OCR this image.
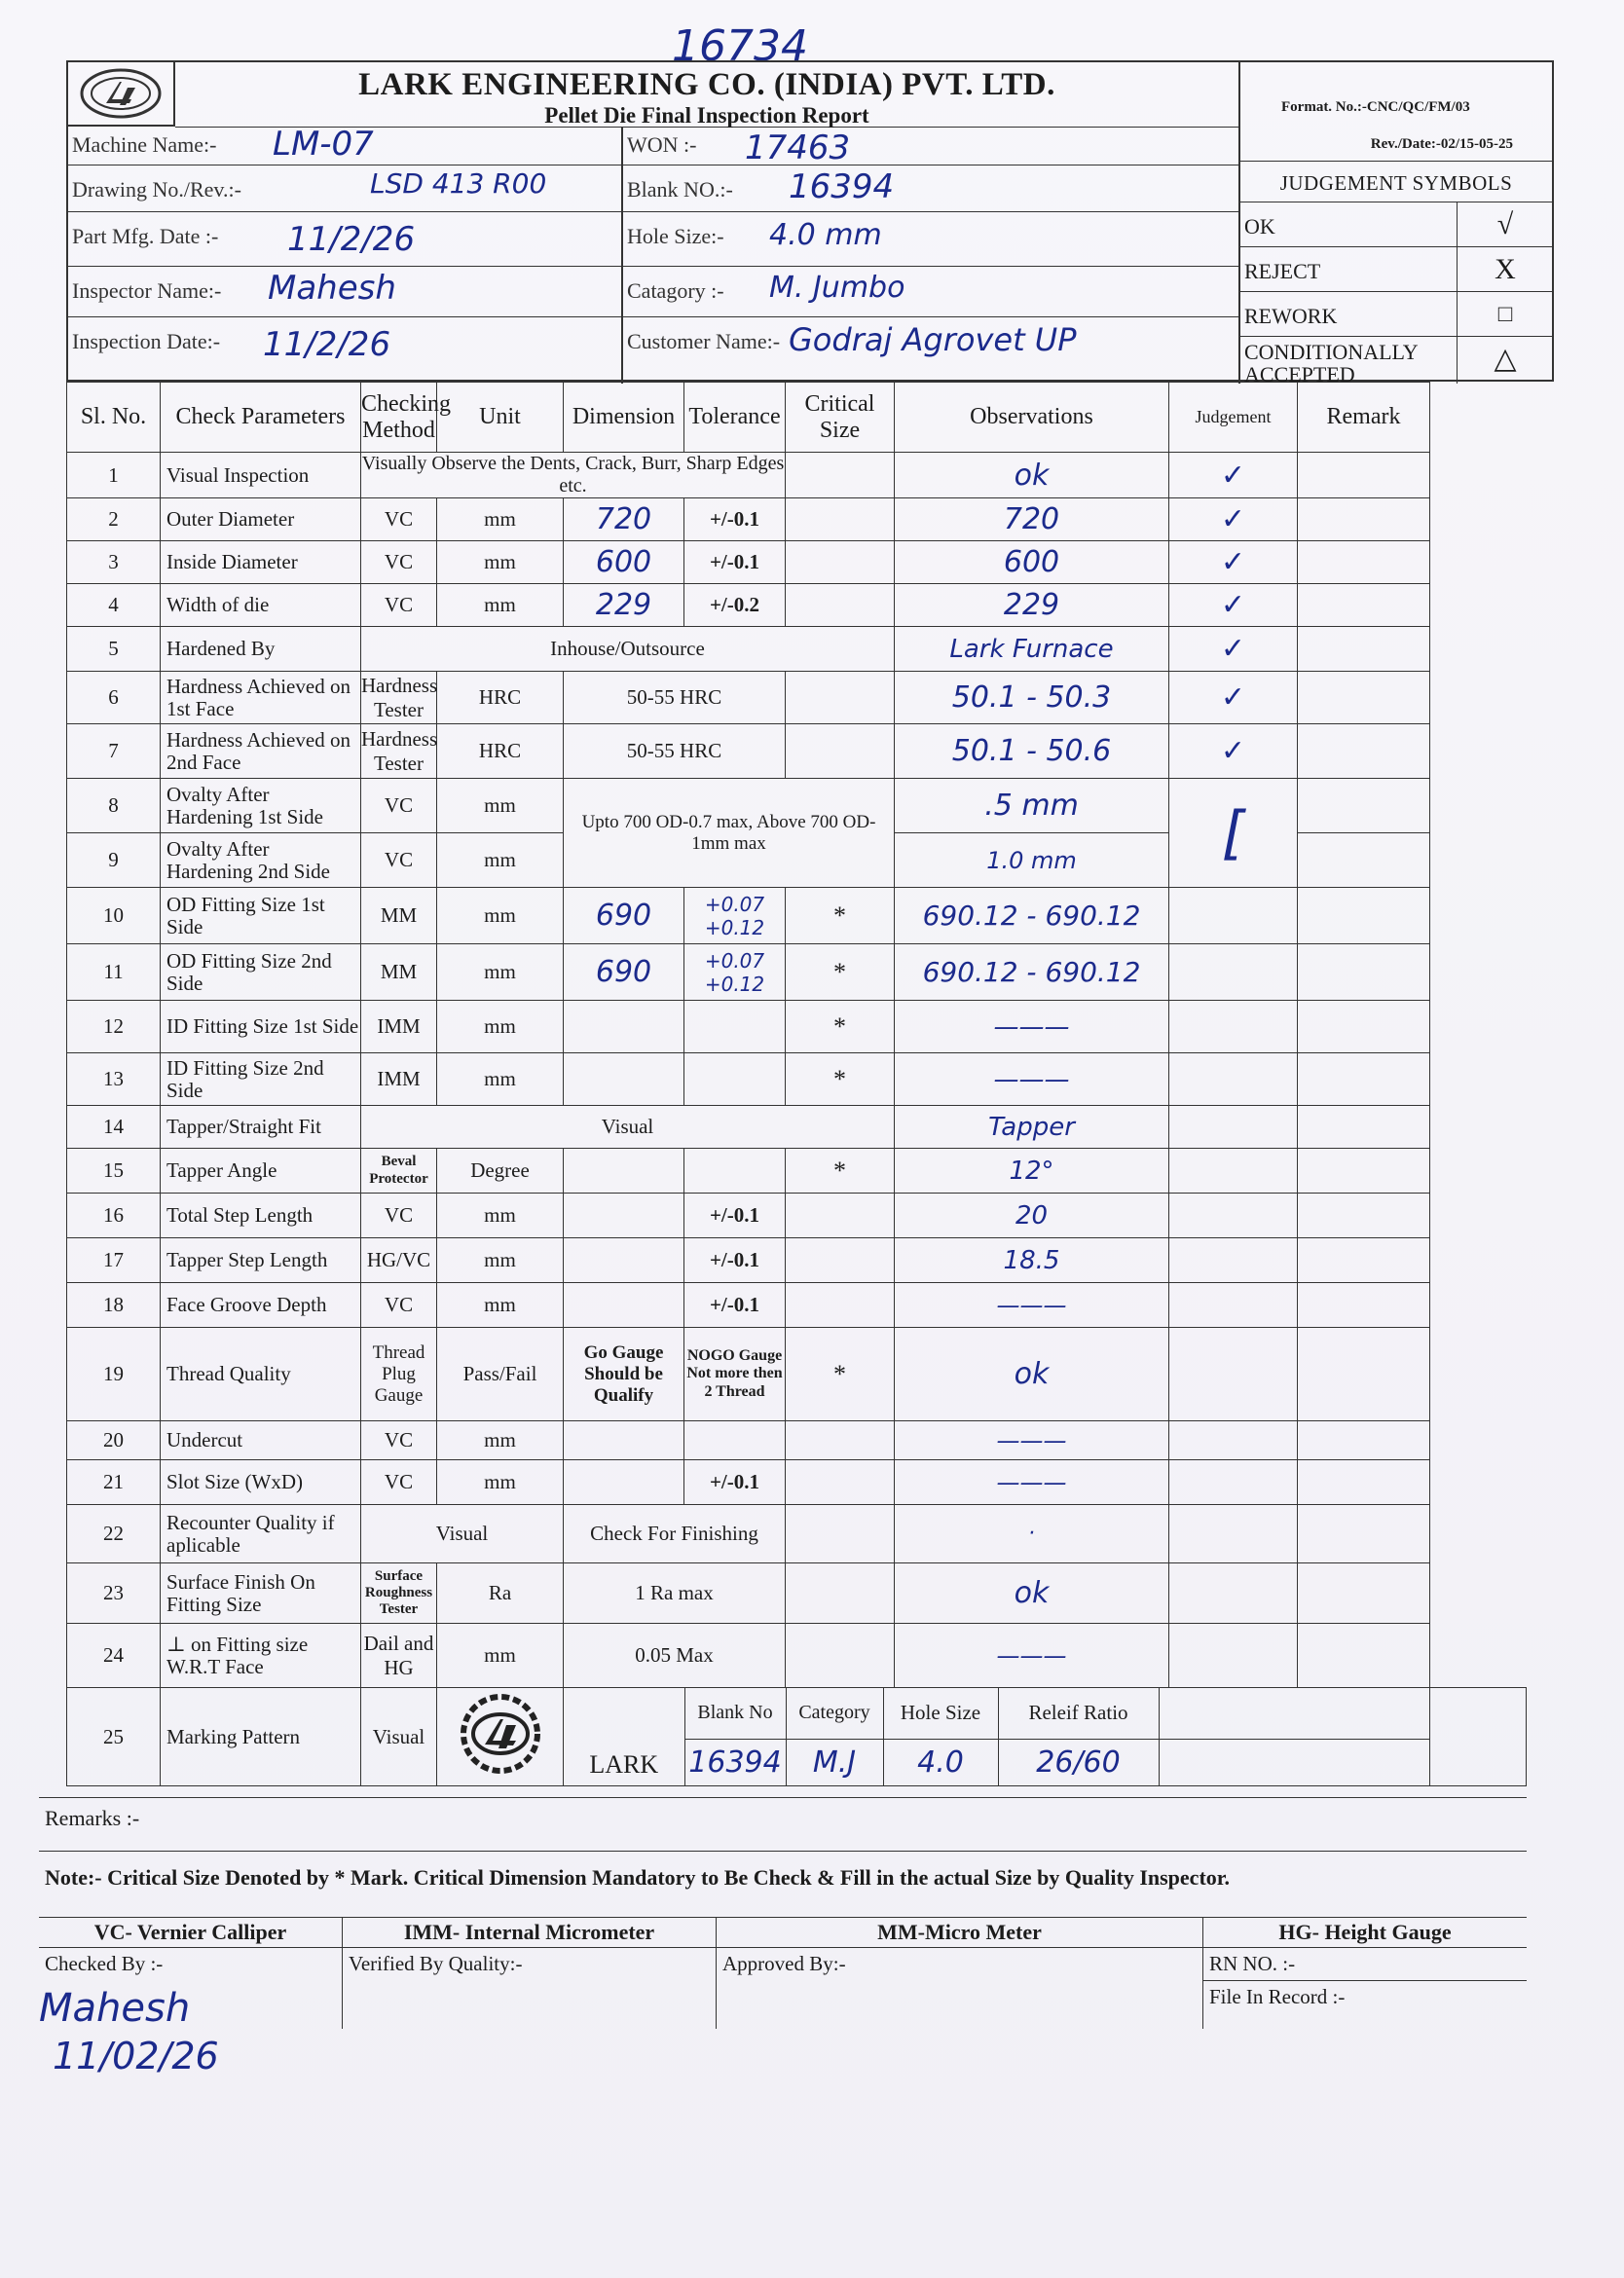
16734
LARK ENGINEERING CO. (INDIA) PVT. LTD.
Pellet Die Final Inspection Report	Format. No.:-CNC/QC/FM/03
Machine Name:- LM-07
Drawing No./Rev.:-	LSD 413 R00
Part Mfg. Date :- 11/2/26
Inspector Name:- Mahesh
Inspection Date:- 11/2/26
WON :- 17463
Blank NO.:- 16394
Hole Size:- 4.0 mm
Catagory :- M. Jumbo
Customer Name:- Godraj Agrovet UP
Rev./Date:-02/15-05-25
JUDGEMENT SYMBOLS
OK	√
REJECT	X
REWORK	□
CONDITIONALLY ACCEPTED	△
Sl. No.	Check Parameters	Checking Method	Unit	Dimension	Tolerance	Critical Size	Observations	Judgement	Remark
1	Visual Inspection	Visually Observe the Dents, Crack, Burr, Sharp Edges etc.		ok	✓	
2	Outer Diameter	VC	mm	720	+/-0.1		720	✓	
3	Inside Diameter	VC	mm	600	+/-0.1		600	✓	
4	Width of die	VC	mm	229	+/-0.2		229	✓	
5	Hardened By	Inhouse/Outsource	Lark Furnace	✓	
6	Hardness Achieved on 1st Face	Hardness Tester	HRC	50-55 HRC		50.1 - 50.3	✓	
7	Hardness Achieved on 2nd Face	Hardness Tester	HRC	50-55 HRC		50.1 - 50.6	✓	
8	Ovalty After Hardening 1st Side	VC	mm	Upto 700 OD-0.7 max, Above 700 OD-1mm max	.5 mm	[	
9	Ovalty After Hardening 2nd Side	VC	mm	1.0 mm	
10	OD Fitting Size 1st Side	MM	mm	690	+0.07 +0.12	*	690.12 - 690.12		
11	OD Fitting Size 2nd Side	MM	mm	690	+0.07 +0.12	*	690.12 - 690.12		
12	ID Fitting Size 1st Side	IMM	mm			*	———		
13	ID Fitting Size 2nd Side	IMM	mm			*	———		
14	Tapper/Straight Fit	Visual	Tapper		
15	Tapper Angle	Beval Protector	Degree			*	12°		
16	Total Step Length	VC	mm		+/-0.1		20		
17	Tapper Step Length	HG/VC	mm		+/-0.1		18.5		
18	Face Groove Depth	VC	mm		+/-0.1		———		
19	Thread Quality	Thread Plug Gauge	Pass/Fail	Go Gauge Should be Qualify	NOGO Gauge Not more then 2 Thread	*	ok		
20	Undercut	VC	mm				———		
21	Slot Size (WxD)	VC	mm		+/-0.1		———		
22	Recounter Quality if aplicable	Visual	Check For Finishing		·		
23	Surface Finish On Fitting Size	Surface Roughness Tester	Ra	1 Ra max		ok		
24	⊥ on Fitting size W.R.T Face	Dail and HG	mm	0.05 Max		———		
25	Marking Pattern	Visual		
LARK	Blank No	Category	Hole Size	Releif Ratio	
16394	M.J	4.0	26/60	

Remarks :-
Note:- Critical Size Denoted by * Mark. Critical Dimension Mandatory to Be Check & Fill in the actual Size by Quality Inspector.
VC- Vernier Calliper
Checked By :-
IMM- Internal Micrometer
Verified By Quality:-
MM-Micro Meter
Approved By:-
HG- Height Gauge
RN NO. :-
File In Record :-
Mahesh
11/02/26
